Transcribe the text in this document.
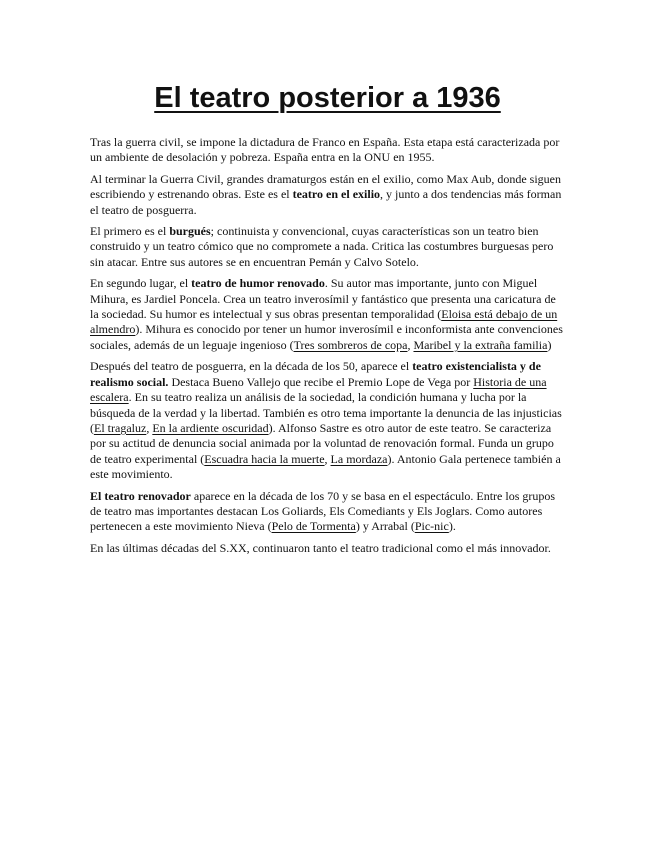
El teatro posterior a 1936

Tras la guerra civil, se impone la dictadura de Franco en España. Esta etapa está caracterizada por un ambiente de desolación y pobreza. España entra en la ONU en 1955.

Al terminar la Guerra Civil, grandes dramaturgos están en el exilio, como Max Aub, donde siguen escribiendo y estrenando obras. Este es el teatro en el exilio, y junto a dos tendencias más forman el teatro de posguerra.

El primero es el burgués; continuista y convencional, cuyas características son un teatro bien construido y un teatro cómico que no compromete a nada. Critica las costumbres burguesas pero sin atacar. Entre sus autores se en encuentran Pemán y Calvo Sotelo.

En segundo lugar, el teatro de humor renovado. Su autor mas importante, junto con Miguel Mihura, es Jardiel Poncela. Crea un teatro inverosímil y fantástico que presenta una caricatura de la sociedad. Su humor es intelectual y sus obras presentan temporalidad (Eloisa está debajo de un almendro). Mihura es conocido por tener un humor inverosímil e inconformista ante convenciones sociales, además de un leguaje ingenioso (Tres sombreros de copa, Maribel y la extraña familia)

Después del teatro de posguerra, en la década de los 50, aparece el teatro existencialista y de realismo social. Destaca Bueno Vallejo que recibe el Premio Lope de Vega por Historia de una escalera. En su teatro realiza un análisis de la sociedad, la condición humana y lucha por la búsqueda de la verdad y la libertad. También es otro tema importante la denuncia de las injusticias (El tragaluz, En la ardiente oscuridad). Alfonso Sastre es otro autor de este teatro. Se caracteriza por su actitud de denuncia social animada por la voluntad de renovación formal. Funda un grupo de teatro experimental (Escuadra hacia la muerte, La mordaza). Antonio Gala pertenece también a este movimiento.

El teatro renovador aparece en la década de los 70 y se basa en el espectáculo. Entre los grupos de teatro mas importantes destacan Los Goliards, Els Comediants y Els Joglars. Como autores pertenecen a este movimiento Nieva (Pelo de Tormenta) y Arrabal (Pic-nic).

En las últimas décadas del S.XX, continuaron tanto el teatro tradicional como el más innovador.
